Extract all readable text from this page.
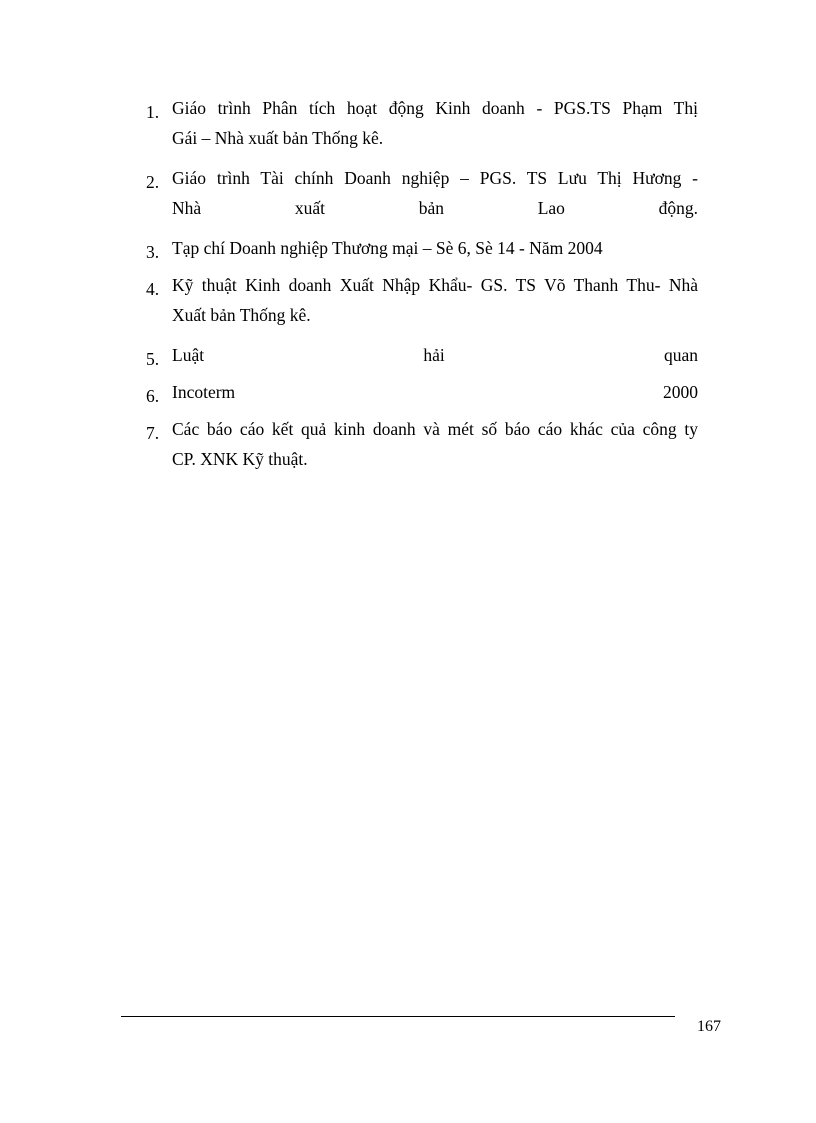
1. Giáo trình Phân tích hoạt động Kinh doanh - PGS.TS Phạm Thị
Gái – Nhà xuất bản Thống kê.
2. Giáo trình Tài chính Doanh nghiệp – PGS. TS Lưu Thị Hương -
Nhà xuất bản Lao động.
3. Tạp chí Doanh nghiệp Thương mại – Sè 6, Sè 14 - Năm 2004
4. Kỹ thuật Kinh doanh Xuất Nhập Khẩu- GS. TS Võ Thanh Thu- Nhà
Xuất bản Thống kê.
5. Luật hải quan
6. Incoterm 2000
7. Các báo cáo kết quả kinh doanh và mét số báo cáo khác của công ty
CP. XNK Kỹ thuật.
167
